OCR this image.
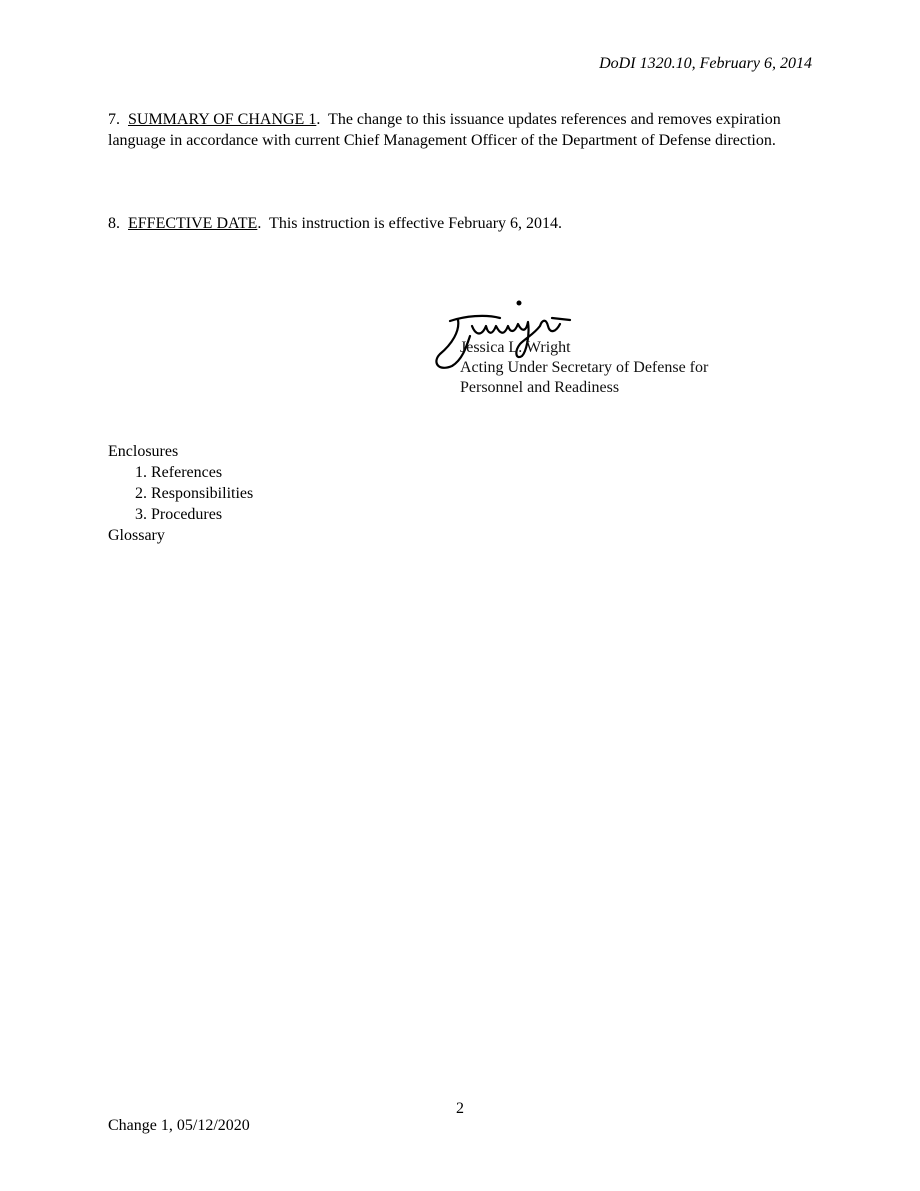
DoDI 1320.10, February 6, 2014
7. SUMMARY OF CHANGE 1.  The change to this issuance updates references and removes expiration language in accordance with current Chief Management Officer of the Department of Defense direction.
8. EFFECTIVE DATE.  This instruction is effective February 6, 2014.
Jessica L. Wright
Acting Under Secretary of Defense for
Personnel and Readiness
Enclosures
1. References
2. Responsibilities
3. Procedures
Glossary
2
Change 1, 05/12/2020
